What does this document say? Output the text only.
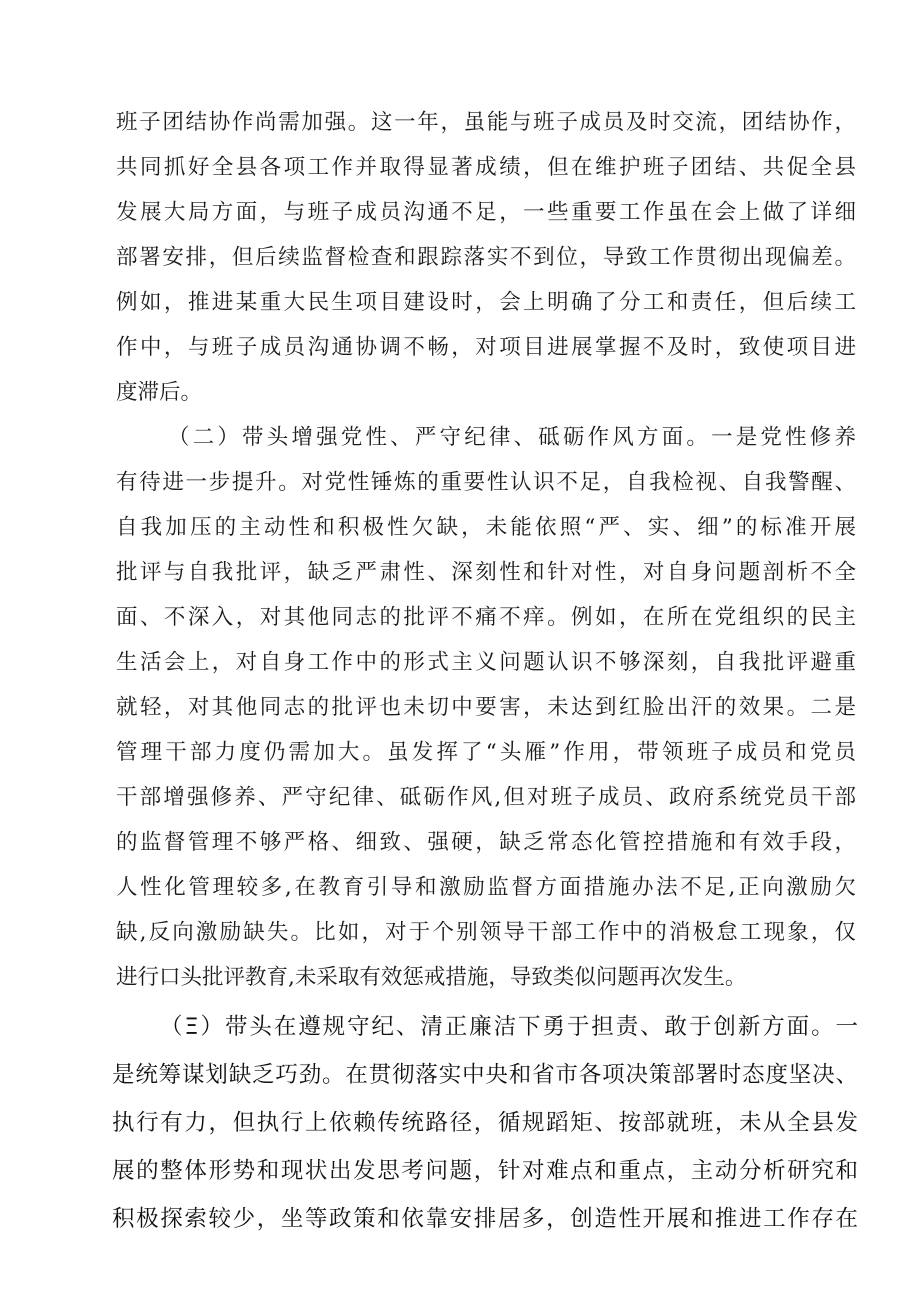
班子团结协作尚需加强。这一年，虽能与班子成员及时交流，团结协作，
共同抓好全县各项工作并取得显著成绩，但在维护班子团结、共促全县
发展大局方面，与班子成员沟通不足，一些重要工作虽在会上做了详细
部署安排，但后续监督检查和跟踪落实不到位，导致工作贯彻出现偏差。
例如，推进某重大民生项目建设时，会上明确了分工和责任，但后续工
作中，与班子成员沟通协调不畅，对项目进展掌握不及时，致使项目进
度滞后。
（二）带头增强党性、严守纪律、砥砺作风方面。一是党性修养
有待进一步提升。对党性锤炼的重要性认识不足，自我检视、自我警醒、
自我加压的主动性和积极性欠缺，未能依照“严、实、细”的标准开展
批评与自我批评，缺乏严肃性、深刻性和针对性，对自身问题剖析不全
面、不深入，对其他同志的批评不痛不痒。例如，在所在党组织的民主
生活会上，对自身工作中的形式主义问题认识不够深刻，自我批评避重
就轻，对其他同志的批评也未切中要害，未达到红脸出汗的效果。二是
管理干部力度仍需加大。虽发挥了“头雁”作用，带领班子成员和党员
干部增强修养、严守纪律、砥砺作风,但对班子成员、政府系统党员干部
的监督管理不够严格、细致、强硬，缺乏常态化管控措施和有效手段，
人性化管理较多,在教育引导和激励监督方面措施办法不足,正向激励欠
缺,反向激励缺失。比如，对于个别领导干部工作中的消极怠工现象，仅
进行口头批评教育,未采取有效惩戒措施，导致类似问题再次发生。
（Ξ）带头在遵规守纪、清正廉洁下勇于担责、敢于创新方面。一
是统筹谋划缺乏巧劲。在贯彻落实中央和省市各项决策部署时态度坚决、
执行有力，但执行上依赖传统路径，循规蹈矩、按部就班，未从全县发
展的整体形势和现状出发思考问题，针对难点和重点，主动分析研究和
积极探索较少，坐等政策和依靠安排居多，创造性开展和推进工作存在
